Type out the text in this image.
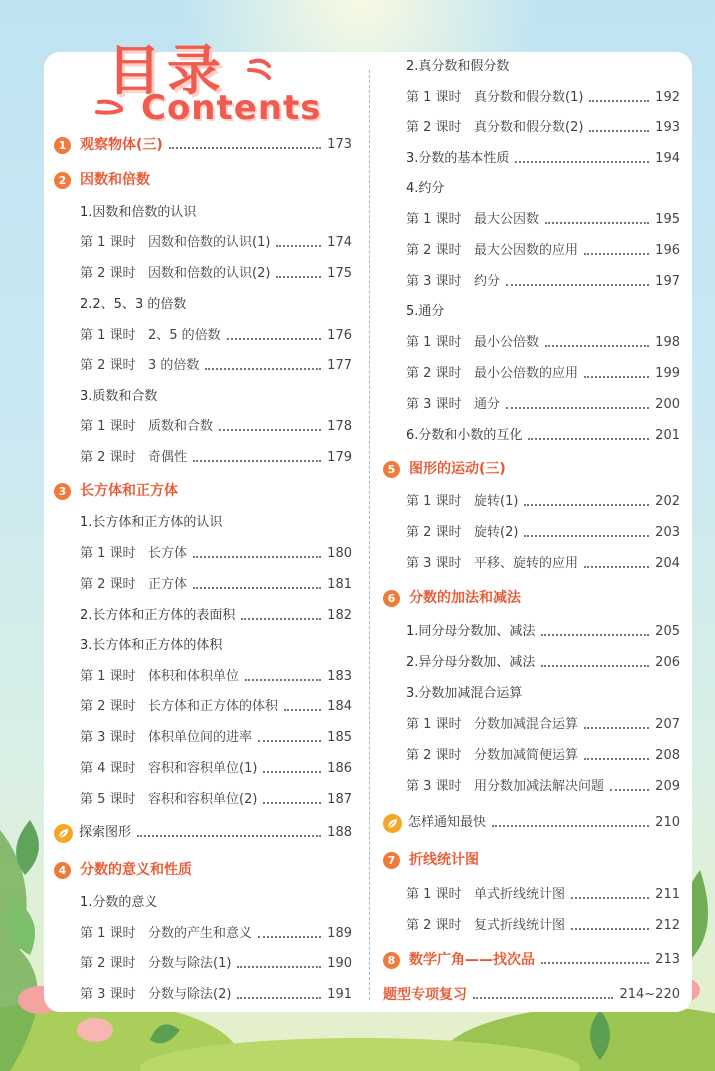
目录
Contents
1 观察物体(三)	173
2 因数和倍数
1.因数和倍数的认识
第 1 课时 因数和倍数的认识(1)	174
第 2 课时 因数和倍数的认识(2)	175
2.2、5、3 的倍数
第 1 课时 2、5 的倍数	176
第 2 课时 3 的倍数	177
3.质数和合数
第 1 课时 质数和合数	178
第 2 课时 奇偶性	179
3 长方体和正方体
1.长方体和正方体的认识
第 1 课时 长方体	180
第 2 课时 正方体	181
2.长方体和正方体的表面积	182
3.长方体和正方体的体积
第 1 课时 体积和体积单位	183
第 2 课时 长方体和正方体的体积	184
第 3 课时 体积单位间的进率	185
第 4 课时 容积和容积单位(1)	186
第 5 课时 容积和容积单位(2)	187
探索图形	188
4 分数的意义和性质
1.分数的意义
第 1 课时 分数的产生和意义	189
第 2 课时 分数与除法(1)	190
第 3 课时 分数与除法(2)	191
2.真分数和假分数
第 1 课时 真分数和假分数(1)	192
第 2 课时 真分数和假分数(2)	193
3.分数的基本性质	194
4.约分
第 1 课时 最大公因数	195
第 2 课时 最大公因数的应用	196
第 3 课时 约分	197
5.通分
第 1 课时 最小公倍数	198
第 2 课时 最小公倍数的应用	199
第 3 课时 通分	200
6.分数和小数的互化	201
5 图形的运动(三)
第 1 课时 旋转(1)	202
第 2 课时 旋转(2)	203
第 3 课时 平移、旋转的应用	204
6 分数的加法和减法
1.同分母分数加、减法	205
2.异分母分数加、减法	206
3.分数加减混合运算
第 1 课时 分数加减混合运算	207
第 2 课时 分数加减简便运算	208
第 3 课时 用分数加减法解决问题	209
怎样通知最快	210
7 折线统计图
第 1 课时 单式折线统计图	211
第 2 课时 复式折线统计图	212
8 数学广角——找次品	213
题型专项复习	214~220
